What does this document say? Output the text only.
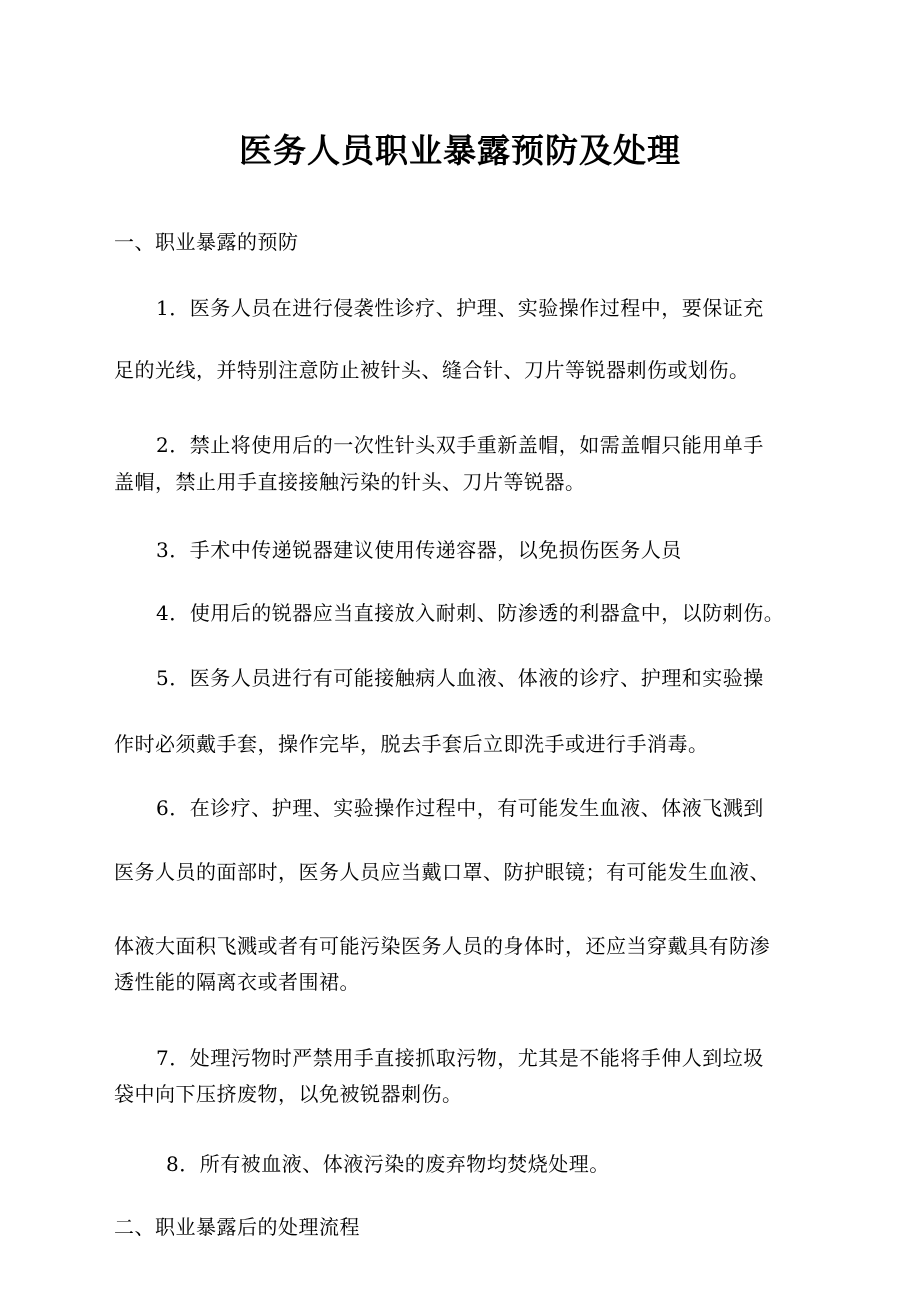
医务人员职业暴露预防及处理
一、职业暴露的预防
1．医务人员在进行侵袭性诊疗、护理、实验操作过程中，要保证充
足的光线，并特别注意防止被针头、缝合针、刀片等锐器刺伤或划伤。
2．禁止将使用后的一次性针头双手重新盖帽，如需盖帽只能用单手
盖帽，禁止用手直接接触污染的针头、刀片等锐器。
3．手术中传递锐器建议使用传递容器，以免损伤医务人员
4．使用后的锐器应当直接放入耐刺、防渗透的利器盒中，以防刺伤。
5．医务人员进行有可能接触病人血液、体液的诊疗、护理和实验操
作时必须戴手套，操作完毕，脱去手套后立即洗手或进行手消毒。
6．在诊疗、护理、实验操作过程中，有可能发生血液、体液飞溅到
医务人员的面部时，医务人员应当戴口罩、防护眼镜；有可能发生血液、
体液大面积飞溅或者有可能污染医务人员的身体时，还应当穿戴具有防渗
透性能的隔离衣或者围裙。
7．处理污物时严禁用手直接抓取污物，尤其是不能将手伸人到垃圾
袋中向下压挤废物，以免被锐器刺伤。
8．所有被血液、体液污染的废弃物均焚烧处理。
二、职业暴露后的处理流程
